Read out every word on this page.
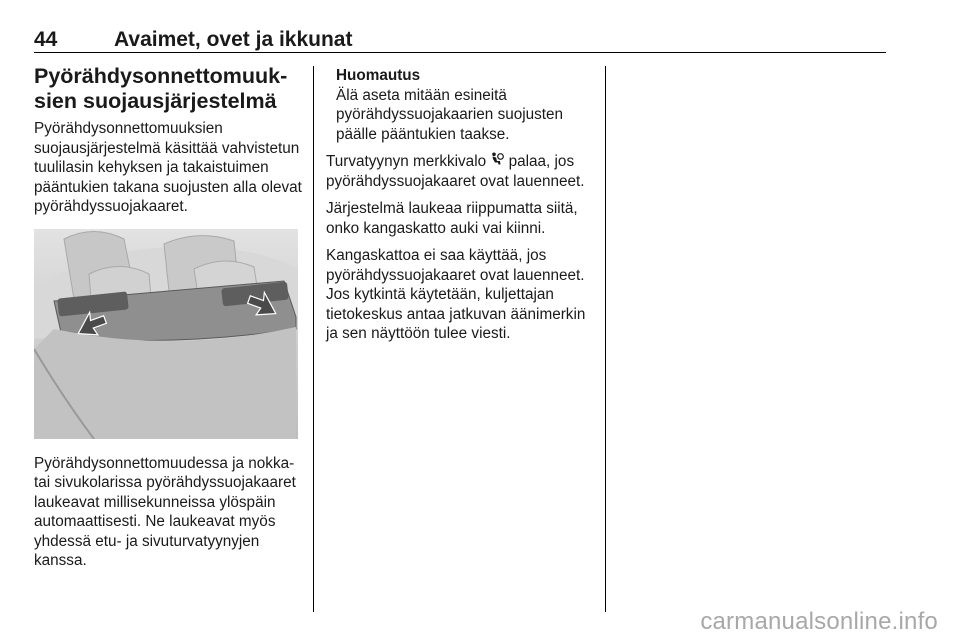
44	Avaimet, ovet ja ikkunat
Pyörähdysonnettomuuk-sien suojausjärjestelmä

Pyörähdysonnettomuuksien suojausjärjestelmä käsittää vahvistetun tuulilasin kehyksen ja takaistuimen pääntukien takana suojusten alla olevat pyörähdyssuojakaaret.

Pyörähdysonnettomuudessa ja nokka- tai sivukolarissa pyörähdyssuojakaaret laukeavat millisekunneissa ylöspäin automaattisesti. Ne laukeavat myös yhdessä etu- ja sivuturvatyynyjen kanssa.

Huomautus
Älä aseta mitään esineitä pyörähdyssuojakaarien suojusten päälle pääntukien taakse.

Turvatyynyn merkkivalo palaa, jos pyörähdyssuojakaaret ovat lauenneet.

Järjestelmä laukeaa riippumatta siitä, onko kangaskatto auki vai kiinni.

Kangaskattoa ei saa käyttää, jos pyörähdyssuojakaaret ovat lauenneet. Jos kytkintä käytetään, kuljettajan tietokeskus antaa jatkuvan äänimerkin ja sen näyttöön tulee viesti.

carmanualsonline.info
